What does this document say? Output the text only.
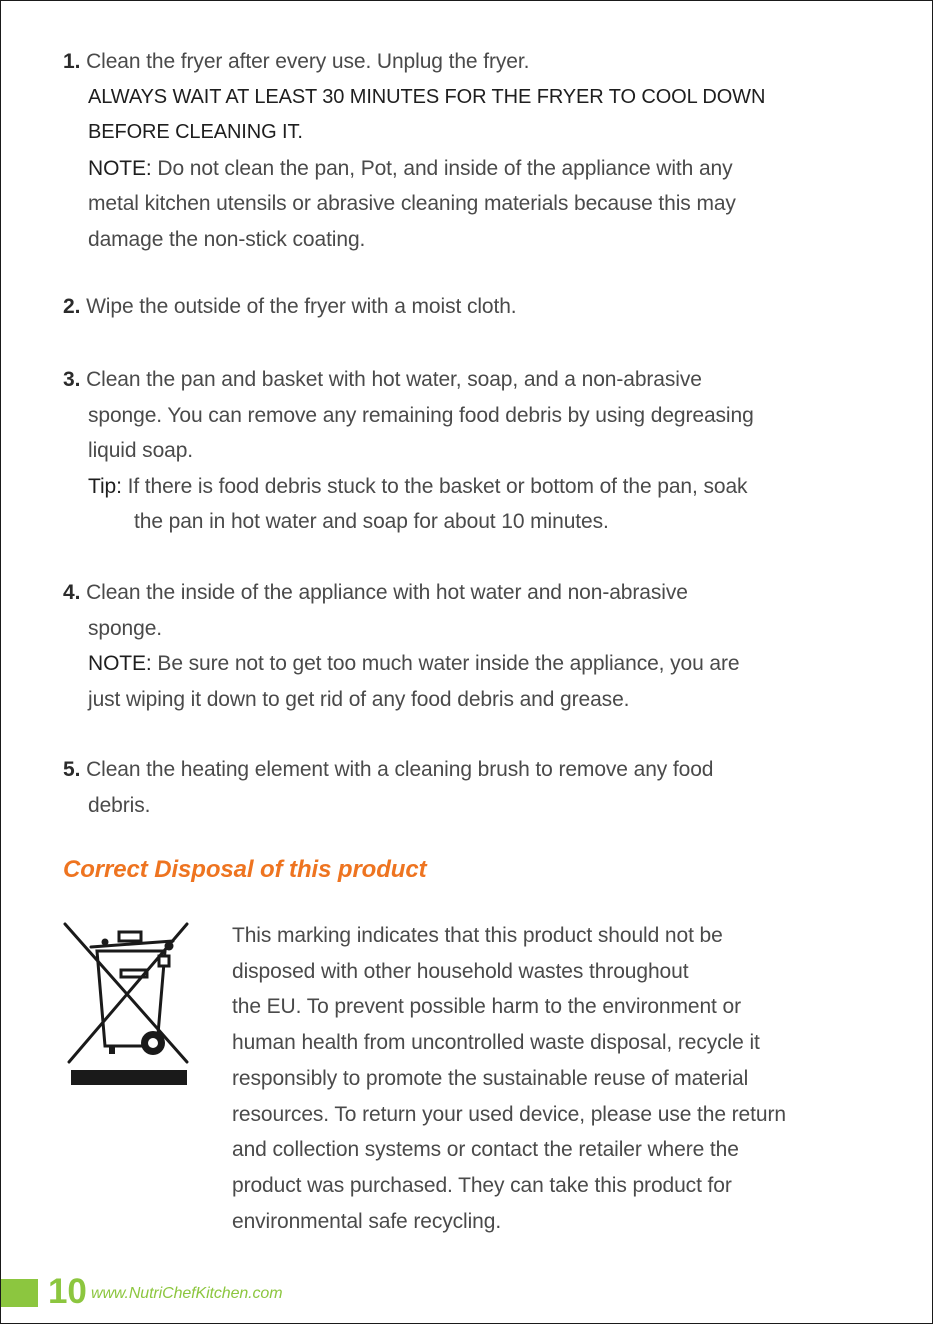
1. Clean the fryer after every use. Unplug the fryer.
ALWAYS WAIT AT LEAST 30 MINUTES FOR THE FRYER TO COOL DOWN
BEFORE CLEANING IT.
NOTE: Do not clean the pan, Pot, and inside of the appliance with any
metal kitchen utensils or abrasive cleaning materials because this may
damage the non-stick coating.
2. Wipe the outside of the fryer with a moist cloth.
3. Clean the pan and basket with hot water, soap, and a non-abrasive
sponge. You can remove any remaining food debris by using degreasing
liquid soap.
Tip: If there is food debris stuck to the basket or bottom of the pan, soak
the pan in hot water and soap for about 10 minutes.
4. Clean the inside of the appliance with hot water and non-abrasive
sponge.
NOTE: Be sure not to get too much water inside the appliance, you are
just wiping it down to get rid of any food debris and grease.
5. Clean the heating element with a cleaning brush to remove any food
debris.
Correct Disposal of this product
This marking indicates that this product should not be
disposed with other household wastes throughout
the EU. To prevent possible harm to the environment or
human health from uncontrolled waste disposal, recycle it
responsibly to promote the sustainable reuse of material
resources. To return your used device, please use the return
and collection systems or contact the retailer where the
product was purchased. They can take this product for
environmental safe recycling.
10 www.NutriChefKitchen.com
